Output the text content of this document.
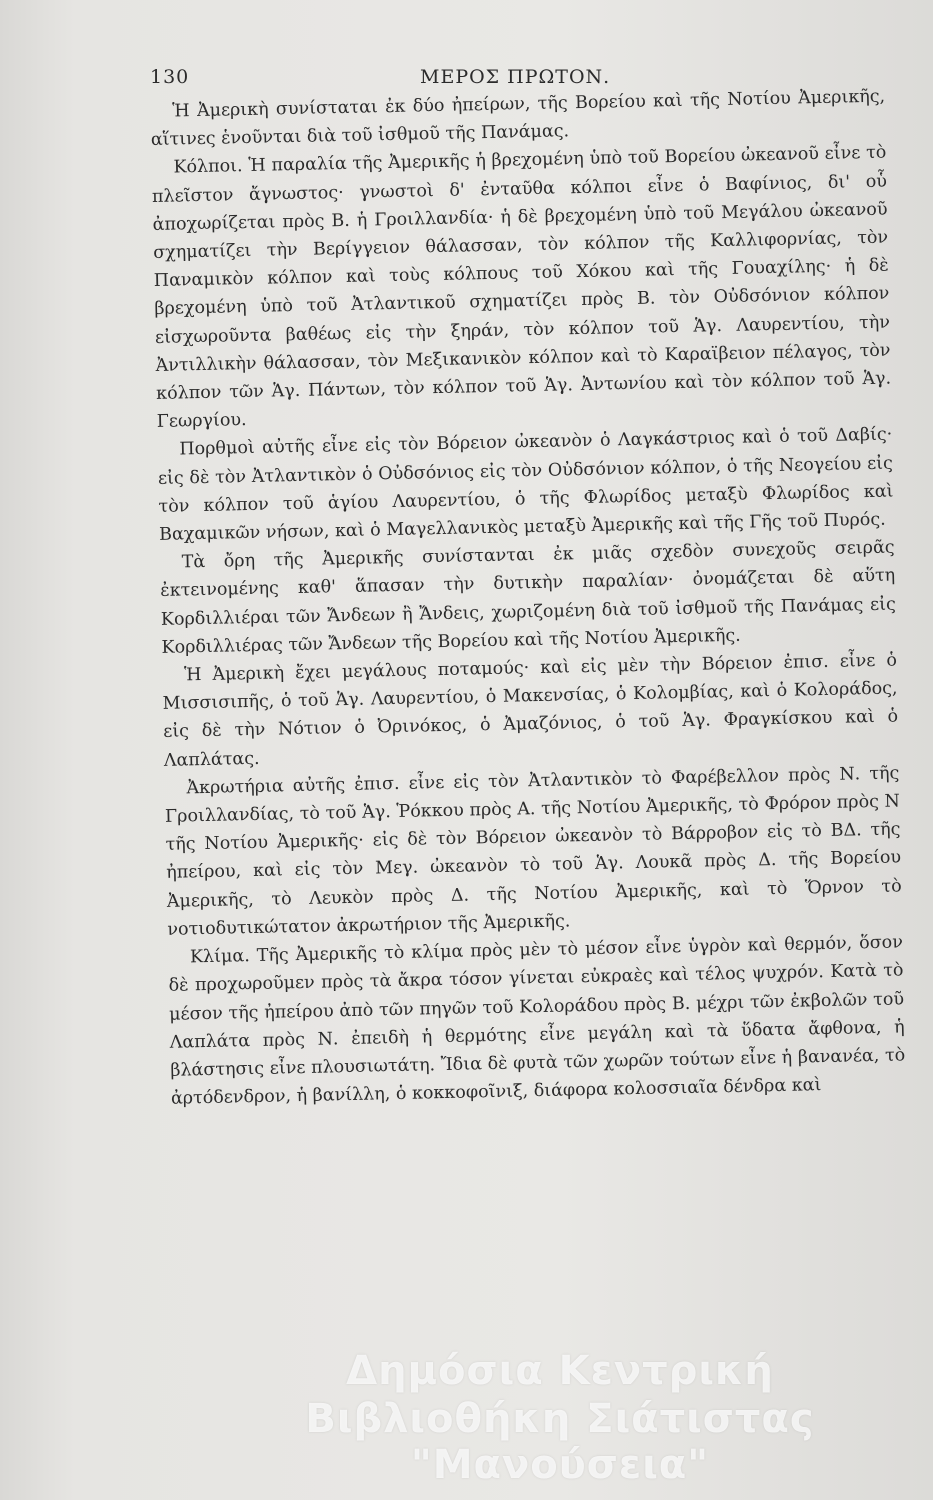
130	ΜΕΡΟΣ ΠΡΩΤΟΝ.

Ἡ Ἀμερικὴ συνίσταται ἐκ δύο ἠπείρων, τῆς Βορείου καὶ τῆς Νοτίου Ἀμερικῆς, αἵτινες ἑνοῦνται διὰ τοῦ ἰσθμοῦ τῆς Πανάμας.

Κόλποι. Ἡ παραλία τῆς Ἀμερικῆς ἡ βρεχομένη ὑπὸ τοῦ Βορείου ὠκεανοῦ εἶνε τὸ πλεῖστον ἄγνωστος· γνωστοὶ δ' ἐνταῦθα κόλποι εἶνε ὁ Βαφίνιος, δι' οὗ ἀποχωρίζεται πρὸς Β. ἡ Γροιλλανδία· ἡ δὲ βρεχομένη ὑπὸ τοῦ Μεγάλου ὠκεανοῦ σχηματίζει τὴν Βερίγγειον θάλασσαν, τὸν κόλπον τῆς Καλλιφορνίας, τὸν Παναμικὸν κόλπον καὶ τοὺς κόλπους τοῦ Χόκου καὶ τῆς Γουαχίλης· ἡ δὲ βρεχομένη ὑπὸ τοῦ Ἀτλαντικοῦ σχηματίζει πρὸς Β. τὸν Οὐδσόνιον κόλπον εἰσχωροῦντα βαθέως εἰς τὴν ξηράν, τὸν κόλπον τοῦ Ἁγ. Λαυρεντίου, τὴν Ἀντιλλικὴν θάλασσαν, τὸν Μεξικανικὸν κόλπον καὶ τὸ Καραϊβειον πέλαγος, τὸν κόλπον τῶν Ἁγ. Πάντων, τὸν κόλπον τοῦ Ἁγ. Ἀντωνίου καὶ τὸν κόλπον τοῦ Ἁγ. Γεωργίου.

Πορθμοὶ αὐτῆς εἶνε εἰς τὸν Βόρειον ὠκεανὸν ὁ Λαγκάστριος καὶ ὁ τοῦ Δαβίς· εἰς δὲ τὸν Ἀτλαντικὸν ὁ Οὐδσόνιος εἰς τὸν Οὐδσόνιον κόλπον, ὁ τῆς Νεογείου εἰς τὸν κόλπον τοῦ ἁγίου Λαυρεντίου, ὁ τῆς Φλωρίδος μεταξὺ Φλωρίδος καὶ Βαχαμικῶν νήσων, καὶ ὁ Μαγελλανικὸς μεταξὺ Ἀμερικῆς καὶ τῆς Γῆς τοῦ Πυρός.

Τὰ ὄρη τῆς Ἀμερικῆς συνίστανται ἐκ μιᾶς σχεδὸν συνεχοῦς σειρᾶς ἐκτεινομένης καθ' ἅπασαν τὴν δυτικὴν παραλίαν· ὀνομάζεται δὲ αὕτη Κορδιλλιέραι τῶν Ἄνδεων ἢ Ἄνδεις, χωριζομένη διὰ τοῦ ἰσθμοῦ τῆς Πανάμας εἰς Κορδιλλιέρας τῶν Ἄνδεων τῆς Βορείου καὶ τῆς Νοτίου Ἀμερικῆς.

Ἡ Ἀμερικὴ ἔχει μεγάλους ποταμούς· καὶ εἰς μὲν τὴν Βόρειον ἐπισ. εἶνε ὁ Μισσισιπῆς, ὁ τοῦ Ἁγ. Λαυρεντίου, ὁ Μακενσίας, ὁ Κολομβίας, καὶ ὁ Κολοράδος, εἰς δὲ τὴν Νότιον ὁ Ὀρινόκος, ὁ Ἀμαζόνιος, ὁ τοῦ Ἁγ. Φραγκίσκου καὶ ὁ Λαπλάτας.

Ἀκρωτήρια αὐτῆς ἐπισ. εἶνε εἰς τὸν Ἀτλαντικὸν τὸ Φαρέβελλον πρὸς Ν. τῆς Γροιλλανδίας, τὸ τοῦ Ἁγ. Ῥόκκου πρὸς Α. τῆς Νοτίου Ἀμερικῆς, τὸ Φρόρον πρὸς Ν τῆς Νοτίου Ἀμερικῆς· εἰς δὲ τὸν Βόρειον ὠκεανὸν τὸ Βάρροβον εἰς τὸ ΒΔ. τῆς ἠπείρου, καὶ εἰς τὸν Μεγ. ὠκεανὸν τὸ τοῦ Ἁγ. Λουκᾶ πρὸς Δ. τῆς Βορείου Ἀμερικῆς, τὸ Λευκὸν πρὸς Δ. τῆς Νοτίου Ἀμερικῆς, καὶ τὸ Ὅρνον τὸ νοτιοδυτικώτατον ἀκρωτήριον τῆς Ἀμερικῆς.

Κλίμα. Τῆς Ἀμερικῆς τὸ κλίμα πρὸς μὲν τὸ μέσον εἶνε ὑγρὸν καὶ θερμόν, ὅσον δὲ προχωροῦμεν πρὸς τὰ ἄκρα τόσον γίνεται εὐκραὲς καὶ τέλος ψυχρόν. Κατὰ τὸ μέσον τῆς ἠπείρου ἀπὸ τῶν πηγῶν τοῦ Κολοράδου πρὸς Β. μέχρι τῶν ἐκβολῶν τοῦ Λαπλάτα πρὸς Ν. ἐπειδὴ ἡ θερμότης εἶνε μεγάλη καὶ τὰ ὕδατα ἄφθονα, ἡ βλάστησις εἶνε πλουσιωτάτη. Ἴδια δὲ φυτὰ τῶν χωρῶν τούτων εἶνε ἡ βανανέα, τὸ ἀρτόδενδρον, ἡ βανίλλη, ὁ κοκκοφοῖνιξ, διάφορα κολοσσιαῖα δένδρα καὶ

Δημόσια Κεντρική
Βιβλιοθήκη Σιάτιστας "Μανούσεια"
